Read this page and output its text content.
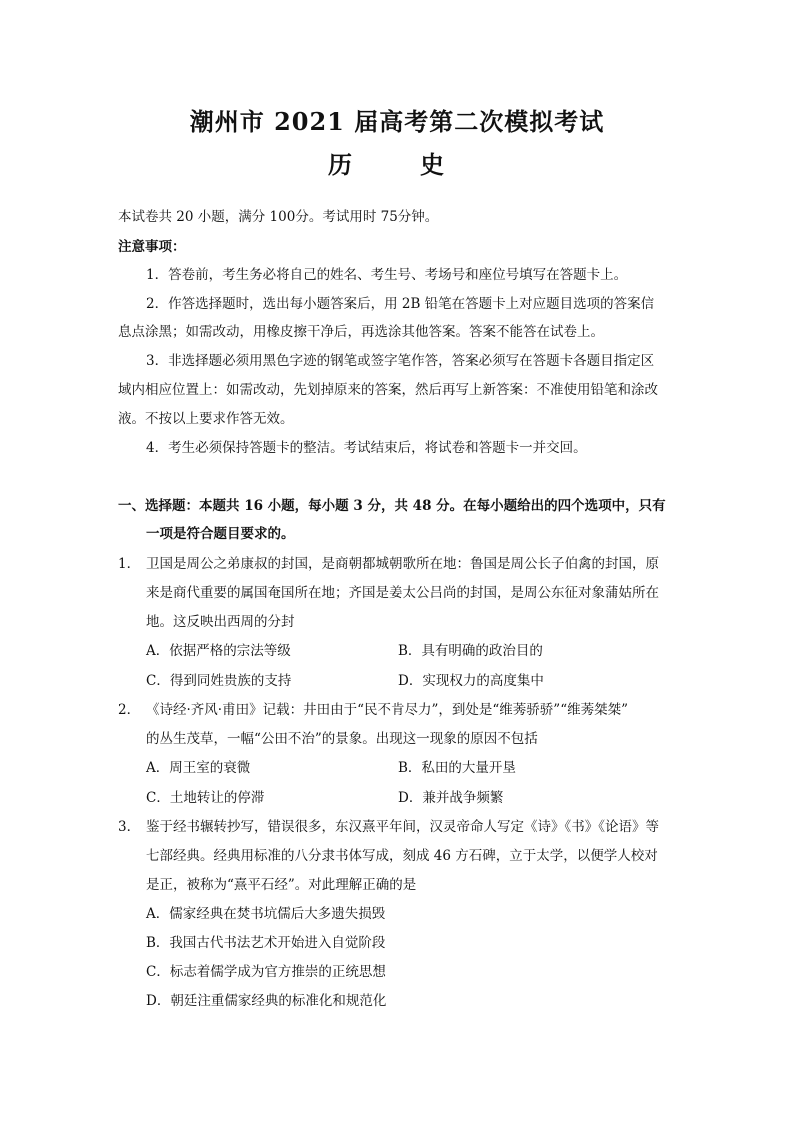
潮州市 2021 届高考第二次模拟考试
历　史
本试卷共 20 小题，满分 100分。考试用时 75分钟。
注意事项：
1．答卷前，考生务必将自己的姓名、考生号、考场号和座位号填写在答题卡上。
2．作答选择题时，选出每小题答案后，用 2B 铅笔在答题卡上对应题目选项的答案信
息点涂黑；如需改动，用橡皮擦干净后，再选涂其他答案。答案不能答在试卷上。
3．非选择题必须用黑色字迹的钢笔或签字笔作答，答案必须写在答题卡各题目指定区
域内相应位置上：如需改动，先划掉原来的答案，然后再写上新答案：不准使用铅笔和涂改
液。不按以上要求作答无效。
4．考生必须保持答题卡的整洁。考试结束后，将试卷和答题卡一并交回。
一、选择题：本题共 16 小题，每小题 3 分，共 48 分。在每小题给出的四个选项中，只有
一项是符合题目要求的。
1． 卫国是周公之弟康叔的封国，是商朝都城朝歌所在地：鲁国是周公长子伯禽的封国，原
来是商代重要的属国奄国所在地；齐国是姜太公吕尚的封国，是周公东征对象蒲姑所在
地。这反映出西周的分封
A．依据严格的宗法等级	B．具有明确的政治目的
C．得到同姓贵族的支持	D．实现权力的高度集中
2． 《诗经·齐风·甫田》记载：井田由于“民不肯尽力”，到处是“维莠骄骄”“维莠桀桀”
的丛生茂草，一幅“公田不治”的景象。出现这一现象的原因不包括
A．周王室的衰微	B．私田的大量开垦
C．土地转让的停滞	D．兼并战争频繁
3． 鉴于经书辗转抄写，错误很多，东汉熹平年间，汉灵帝命人写定《诗》《书》《论语》等
七部经典。经典用标准的八分隶书体写成，刻成 46 方石碑，立于太学，以便学人校对
是正，被称为“熹平石经”。对此理解正确的是
A．儒家经典在焚书坑儒后大多遗失损毁
B．我国古代书法艺术开始进入自觉阶段
C．标志着儒学成为官方推崇的正统思想
D．朝廷注重儒家经典的标准化和规范化
